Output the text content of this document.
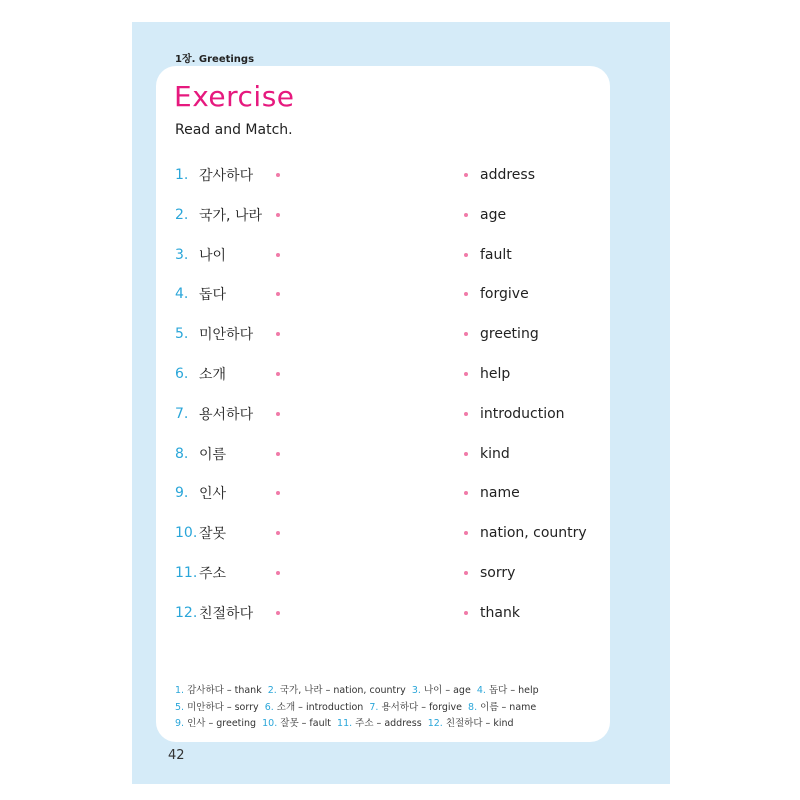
1장. Greetings
Exercise
Read and Match.
1. 감사하다
2. 국가, 나라
3. 나이
4. 돕다
5. 미안하다
6. 소개
7. 용서하다
8. 이름
9. 인사
10. 잘못
11. 주소
12. 친절하다
address
age
fault
forgive
greeting
help
introduction
kind
name
nation, country
sorry
thank
1. 감사하다 – thank 2. 국가, 나라 – nation, country 3. 나이 – age 4. 돕다 – help
5. 미안하다 – sorry 6. 소개 – introduction 7. 용서하다 – forgive 8. 이름 – name
9. 인사 – greeting 10. 잘못 – fault 11. 주소 – address 12. 친절하다 – kind
42
